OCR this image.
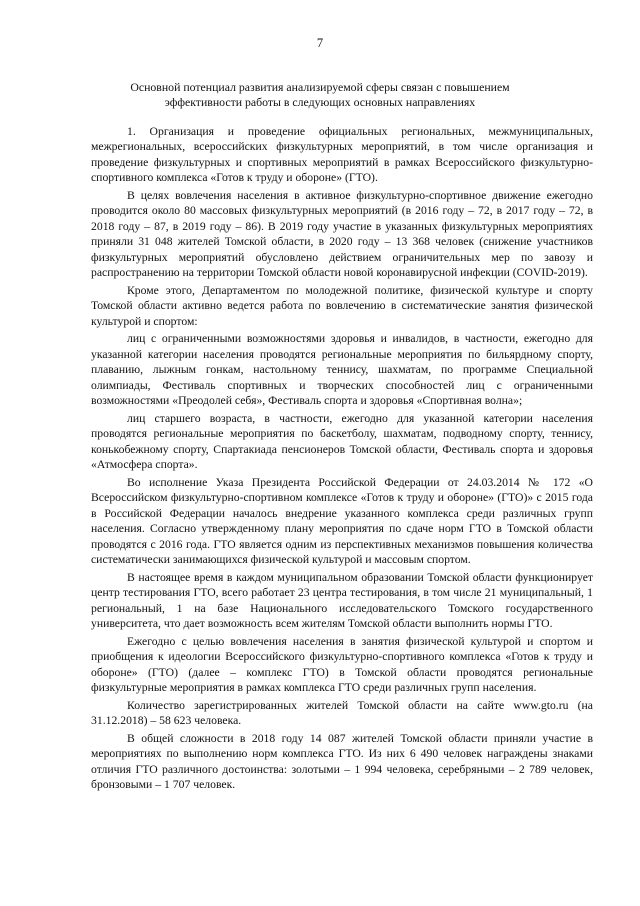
7
Основной потенциал развития анализируемой сферы связан с повышением эффективности работы в следующих основных направлениях

1. Организация и проведение официальных региональных, межмуниципальных, межрегиональных, всероссийских физкультурных мероприятий, в том числе организация и проведение физкультурных и спортивных мероприятий в рамках Всероссийского физкультурно-спортивного комплекса «Готов к труду и обороне» (ГТО).

В целях вовлечения населения в активное физкультурно-спортивное движение ежегодно проводится около 80 массовых физкультурных мероприятий (в 2016 году – 72, в 2017 году – 72, в 2018 году – 87, в 2019 году – 86). В 2019 году участие в указанных физкультурных мероприятиях приняли 31 048 жителей Томской области, в 2020 году – 13 368 человек (снижение участников физкультурных мероприятий обусловлено действием ограничительных мер по завозу и распространению на территории Томской области новой коронавирусной инфекции (COVID-2019).

Кроме этого, Департаментом по молодежной политике, физической культуре и спорту Томской области активно ведется работа по вовлечению в систематические занятия физической культурой и спортом:

лиц с ограниченными возможностями здоровья и инвалидов, в частности, ежегодно для указанной категории населения проводятся региональные мероприятия по бильярдному спорту, плаванию, лыжным гонкам, настольному теннису, шахматам, по программе Специальной олимпиады, Фестиваль спортивных и творческих способностей лиц с ограниченными возможностями «Преодолей себя», Фестиваль спорта и здоровья «Спортивная волна»;

лиц старшего возраста, в частности, ежегодно для указанной категории населения проводятся региональные мероприятия по баскетболу, шахматам, подводному спорту, теннису, конькобежному спорту, Спартакиада пенсионеров Томской области, Фестиваль спорта и здоровья «Атмосфера спорта».

Во исполнение Указа Президента Российской Федерации от 24.03.2014 № 172 «О Всероссийском физкультурно-спортивном комплексе «Готов к труду и обороне» (ГТО)» с 2015 года в Российской Федерации началось внедрение указанного комплекса среди различных групп населения. Согласно утвержденному плану мероприятия по сдаче норм ГТО в Томской области проводятся с 2016 года. ГТО является одним из перспективных механизмов повышения количества систематически занимающихся физической культурой и массовым спортом.

В настоящее время в каждом муниципальном образовании Томской области функционирует центр тестирования ГТО, всего работает 23 центра тестирования, в том числе 21 муниципальный, 1 региональный, 1 на базе Национального исследовательского Томского государственного университета, что дает возможность всем жителям Томской области выполнить нормы ГТО.

Ежегодно с целью вовлечения населения в занятия физической культурой и спортом и приобщения к идеологии Всероссийского физкультурно-спортивного комплекса «Готов к труду и обороне» (ГТО) (далее – комплекс ГТО) в Томской области проводятся региональные физкультурные мероприятия в рамках комплекса ГТО среди различных групп населения.

Количество зарегистрированных жителей Томской области на сайте www.gto.ru (на 31.12.2018) – 58 623 человека.

В общей сложности в 2018 году 14 087 жителей Томской области приняли участие в мероприятиях по выполнению норм комплекса ГТО. Из них 6 490 человек награждены знаками отличия ГТО различного достоинства: золотыми – 1 994 человека, серебряными – 2 789 человек, бронзовыми – 1 707 человек.
